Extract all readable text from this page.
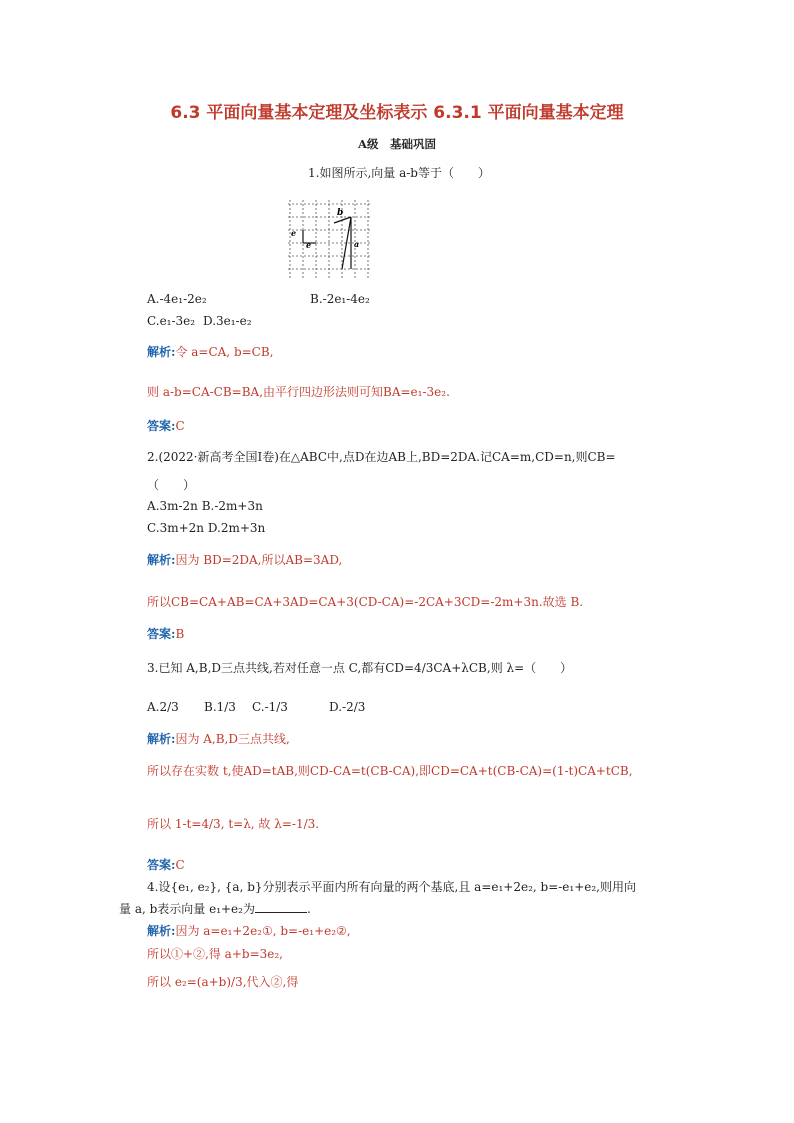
6.3 平面向量基本定理及坐标表示 6.3.1 平面向量基本定理
A级　基础巩固
1.如图所示,向量 a-b等于（　　）
b
e
e	a
A.-4e₁-2e₂	B.-2e₁-4e₂
C.e₁-3e₂ D.3e₁-e₂
解析:令 a=CA, b=CB,
则 a-b=CA-CB=BA,由平行四边形法则可知BA=e₁-3e₂.
答案:C
2.(2022·新高考全国Ⅰ卷)在△ABC中,点D在边AB上,BD=2DA.记CA=m,CD=n,则CB=
（　　）
A.3m-2n B.-2m+3n
C.3m+2n D.2m+3n
解析:因为 BD=2DA,所以AB=3AD,
所以CB=CA+AB=CA+3AD=CA+3(CD-CA)=-2CA+3CD=-2m+3n.故选 B.
答案:B
3.已知 A,B,D三点共线,若对任意一点 C,都有CD=4/3CA+λCB,则 λ=（　　）
A.2/3 B.1/3 C.-1/3	D.-2/3
解析:因为 A,B,D三点共线,
所以存在实数 t,使AD=tAB,则CD-CA=t(CB-CA),即CD=CA+t(CB-CA)=(1-t)CA+tCB,
所以 1-t=4/3, t=λ, 故 λ=-1/3.
答案:C
4.设{e₁, e₂}, {a, b}分别表示平面内所有向量的两个基底,且 a=e₁+2e₂, b=-e₁+e₂,则用向
量 a, b表示向量 e₁+e₂为	.
解析:因为 a=e₁+2e₂①, b=-e₁+e₂②,
所以①+②,得 a+b=3e₂,
所以 e₂=(a+b)/3,代入②,得
